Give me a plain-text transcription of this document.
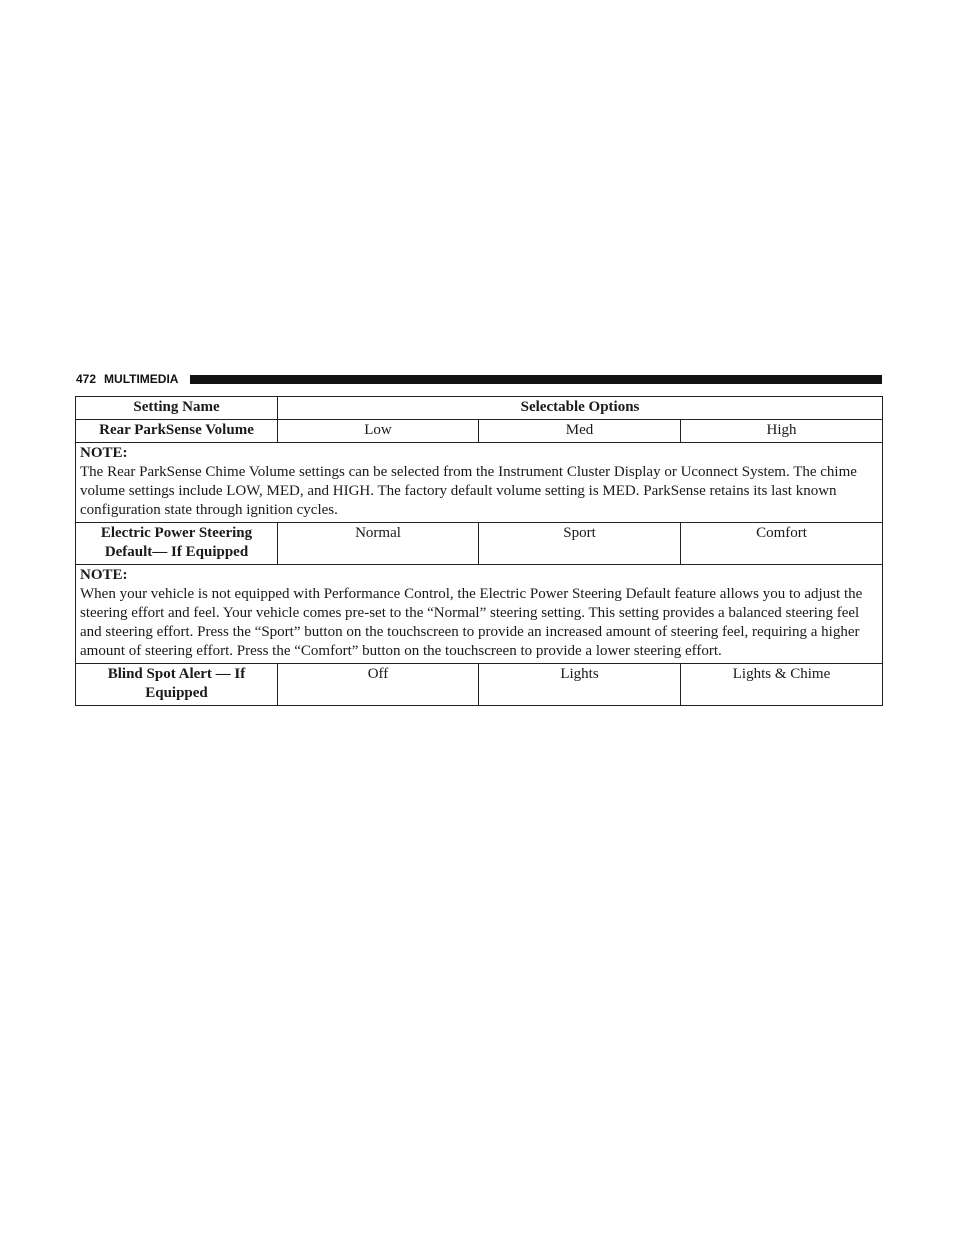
472 MULTIMEDIA
Setting Name	Selectable Options		
Rear ParkSense Volume	Low	Med	High

NOTE:
The Rear ParkSense Chime Volume settings can be selected from the Instrument Cluster Display or Uconnect System. The chime volume settings include LOW, MED, and HIGH. The factory default volume setting is MED. ParkSense retains its last known configuration state through ignition cycles.			

Electric Power Steering
Default— If Equipped	Normal	Sport	Comfort

NOTE:
When your vehicle is not equipped with Performance Control, the Electric Power Steering Default feature allows you to adjust the steering effort and feel. Your vehicle comes pre-set to the “Normal” steering setting. This setting provides a balanced steering feel and steering effort. Press the “Sport” button on the touchscreen to provide an increased amount of steering feel, requiring a higher amount of steering effort. Press the “Comfort” button on the touchscreen to provide a lower steering effort.			

Blind Spot Alert — If
Equipped	Off	Lights	Lights & Chime
